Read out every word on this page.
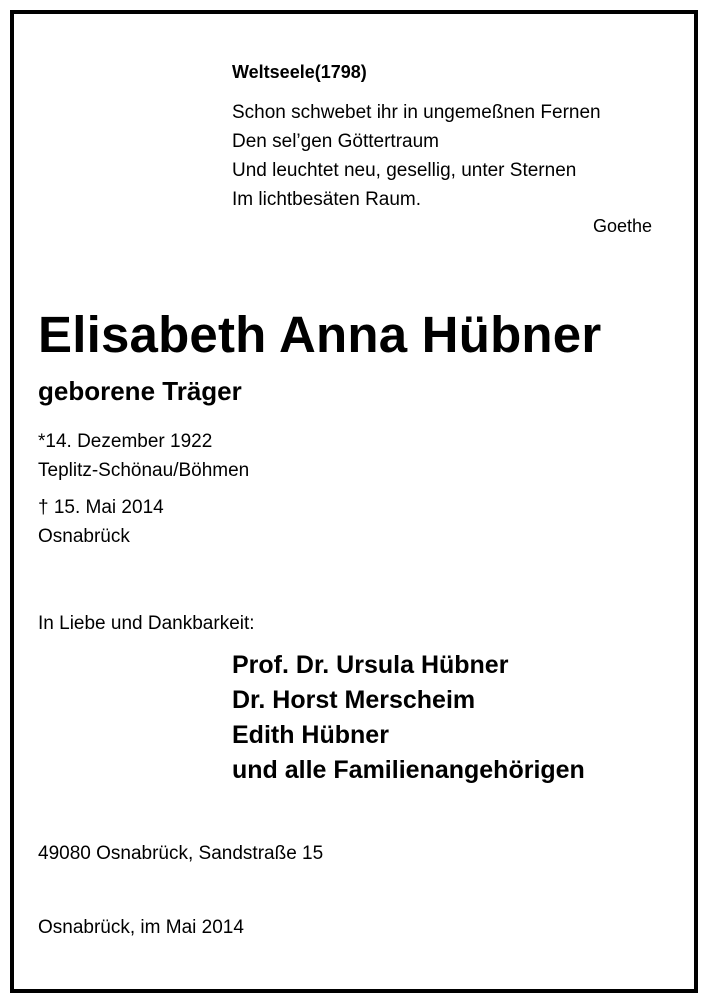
Weltseele(1798)
Schon schwebet ihr in ungemeßnen Fernen
Den sel’gen Göttertraum
Und leuchtet neu, gesellig, unter Sternen
Im lichtbesäten Raum.
Goethe
Elisabeth Anna Hübner
geborene Träger
*14. Dezember 1922
Teplitz-Schönau/Böhmen
† 15. Mai 2014
Osnabrück
In Liebe und Dankbarkeit:
Prof. Dr. Ursula Hübner
Dr. Horst Merscheim
Edith Hübner
und alle Familienangehörigen
49080 Osnabrück, Sandstraße 15
Osnabrück, im Mai 2014
